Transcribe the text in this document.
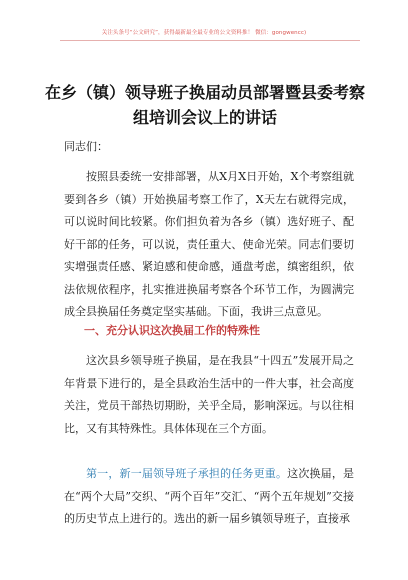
关注头条号“公文研究”，获得最新最全最专业的公文资料推！ 微信：gongwencc)
在乡（镇）领导班子换届动员部署暨县委考察组培训会议上的讲话
同志们：
按照县委统一安排部署，从X月X日开始，X个考察组就要到各乡（镇）开始换届考察工作了，X天左右就得完成，可以说时间比较紧。你们担负着为各乡（镇）选好班子、配好干部的任务，可以说，责任重大、使命光荣。同志们要切实增强责任感、紧迫感和使命感，通盘考虑，缜密组织，依法依规依程序，扎实推进换届考察各个环节工作，为圆满完成全县换届任务奠定坚实基础。下面，我讲三点意见。
一、充分认识这次换届工作的特殊性
这次县乡领导班子换届，是在我县“十四五”发展开局之年背景下进行的，是全县政治生活中的一件大事，社会高度关注，党员干部热切期盼，关乎全局，影响深远。与以往相比，又有其特殊性。具体体现在三个方面。
第一，新一届领导班子承担的任务更重。这次换届，是在“两个大局”交织、“两个百年”交汇、“两个五年规划”交接的历史节点上进行的。选出的新一届乡镇领导班子，直接承
